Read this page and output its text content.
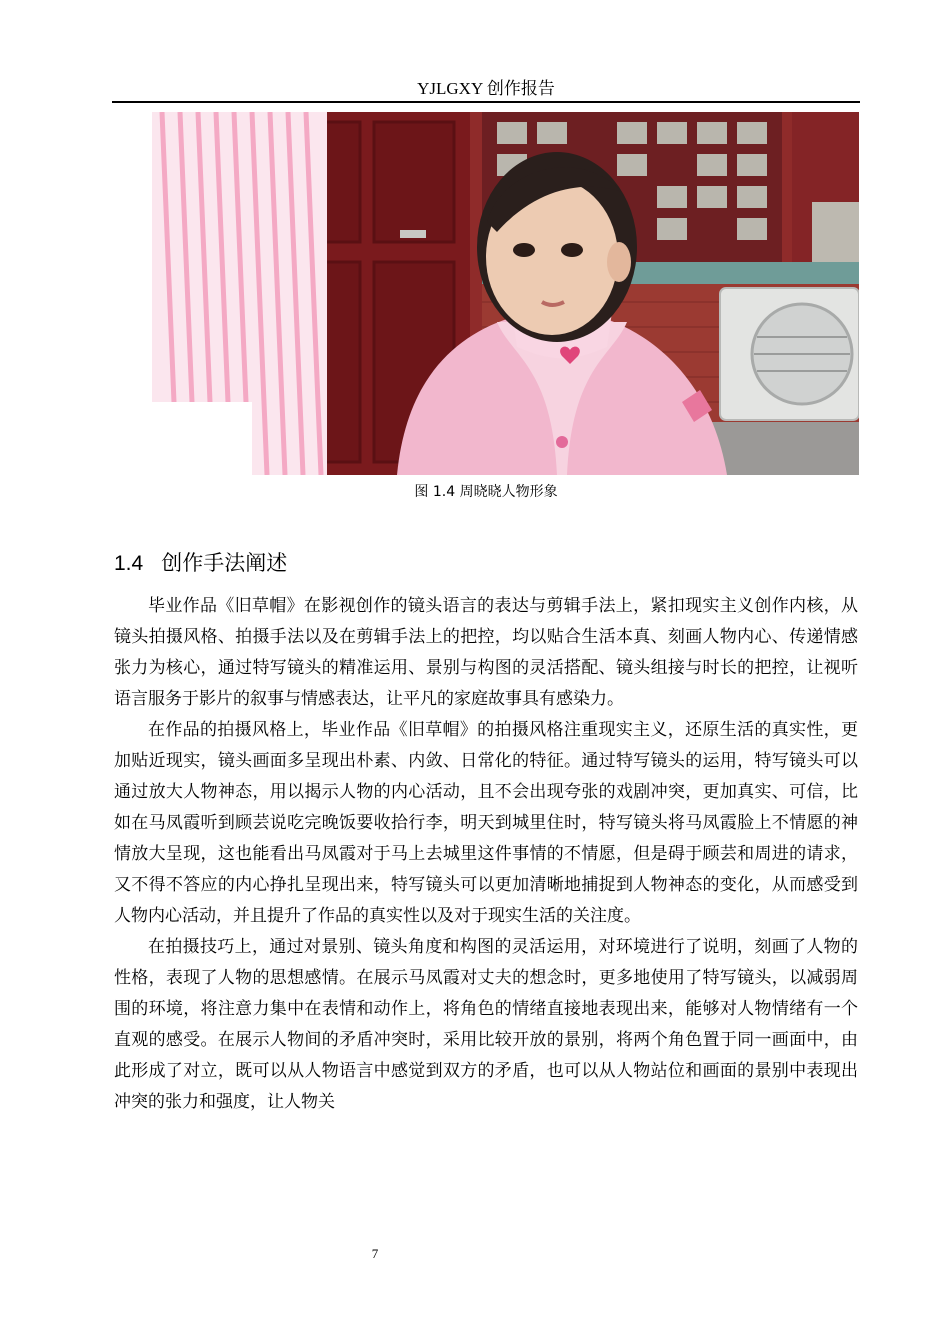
YJLGXY 创作报告
图 1.4 周晓晓人物形象
1.4 创作手法阐述

毕业作品《旧草帽》在影视创作的镜头语言的表达与剪辑手法上，紧扣现实主义创作内核，从镜头拍摄风格、拍摄手法以及在剪辑手法上的把控，均以贴合生活本真、刻画人物内心、传递情感张力为核心，通过特写镜头的精准运用、景别与构图的灵活搭配、镜头组接与时长的把控，让视听语言服务于影片的叙事与情感表达，让平凡的家庭故事具有感染力。

在作品的拍摄风格上，毕业作品《旧草帽》的拍摄风格注重现实主义，还原生活的真实性，更加贴近现实，镜头画面多呈现出朴素、内敛、日常化的特征。通过特写镜头的运用，特写镜头可以通过放大人物神态，用以揭示人物的内心活动，且不会出现夸张的戏剧冲突，更加真实、可信，比如在马凤霞听到顾芸说吃完晚饭要收拾行李，明天到城里住时，特写镜头将马凤霞脸上不情愿的神情放大呈现，这也能看出马凤霞对于马上去城里这件事情的不情愿，但是碍于顾芸和周进的请求，又不得不答应的内心挣扎呈现出来，特写镜头可以更加清晰地捕捉到人物神态的变化，从而感受到人物内心活动，并且提升了作品的真实性以及对于现实生活的关注度。

在拍摄技巧上，通过对景别、镜头角度和构图的灵活运用，对环境进行了说明，刻画了人物的性格，表现了人物的思想感情。在展示马凤霞对丈夫的想念时，更多地使用了特写镜头，以减弱周围的环境，将注意力集中在表情和动作上，将角色的情绪直接地表现出来，能够对人物情绪有一个直观的感受。在展示人物间的矛盾冲突时，采用比较开放的景别，将两个角色置于同一画面中，由此形成了对立，既可以从人物语言中感觉到双方的矛盾，也可以从人物站位和画面的景别中表现出冲突的张力和强度，让人物关

7
